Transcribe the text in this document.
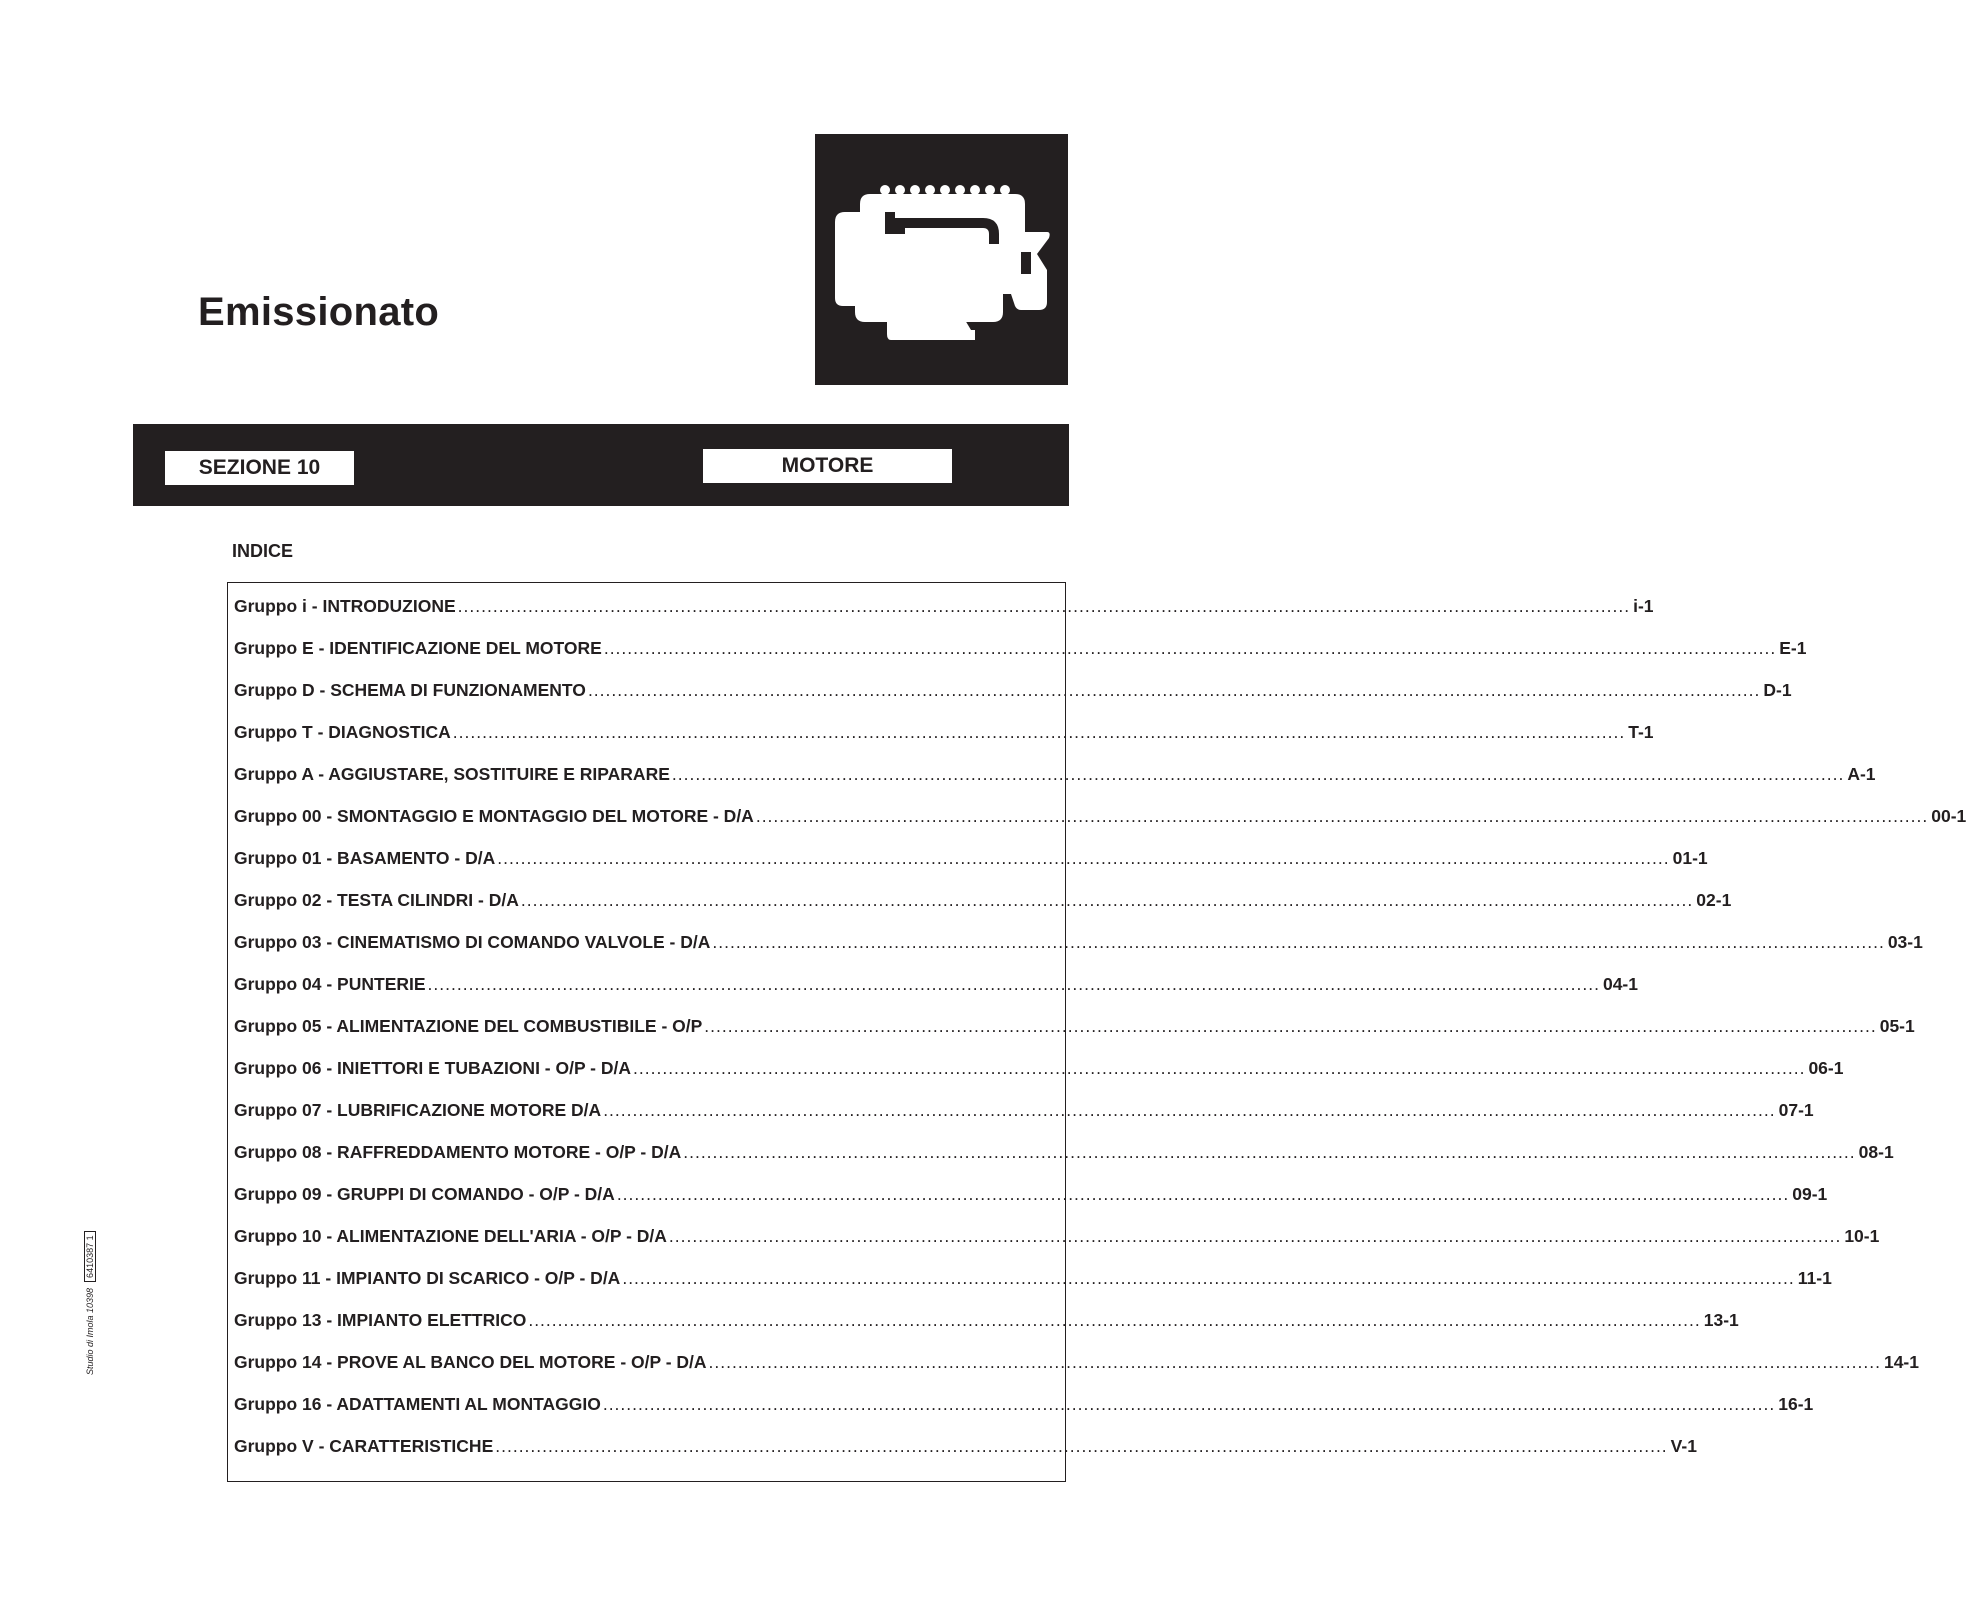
Emissionato
SEZIONE 10	MOTORE
INDICE
Gruppo i - INTRODUZIONE ........................................................................................................................................................................................................ i-1
Gruppo E - IDENTIFICAZIONE DEL MOTORE ........................................................................................................................................................................................................ E-1
Gruppo D - SCHEMA DI FUNZIONAMENTO ........................................................................................................................................................................................................ D-1
Gruppo T - DIAGNOSTICA ........................................................................................................................................................................................................ T-1
Gruppo A - AGGIUSTARE, SOSTITUIRE E RIPARARE ........................................................................................................................................................................................................ A-1
Gruppo 00 - SMONTAGGIO E MONTAGGIO DEL MOTORE - D/A ........................................................................................................................................................................................................ 00-1
Gruppo 01 - BASAMENTO - D/A ........................................................................................................................................................................................................ 01-1
Gruppo 02 - TESTA CILINDRI - D/A ........................................................................................................................................................................................................ 02-1
Gruppo 03 - CINEMATISMO DI COMANDO VALVOLE - D/A ........................................................................................................................................................................................................ 03-1
Gruppo 04 - PUNTERIE ........................................................................................................................................................................................................ 04-1
Gruppo 05 - ALIMENTAZIONE DEL COMBUSTIBILE - O/P ........................................................................................................................................................................................................ 05-1
Gruppo 06 - INIETTORI E TUBAZIONI - O/P - D/A ........................................................................................................................................................................................................ 06-1
Gruppo 07 - LUBRIFICAZIONE MOTORE D/A ........................................................................................................................................................................................................ 07-1
Gruppo 08 - RAFFREDDAMENTO MOTORE - O/P - D/A ........................................................................................................................................................................................................ 08-1
Gruppo 09 - GRUPPI DI COMANDO - O/P - D/A ........................................................................................................................................................................................................ 09-1
Gruppo 10 - ALIMENTAZIONE DELL'ARIA - O/P - D/A ........................................................................................................................................................................................................ 10-1
Gruppo 11 - IMPIANTO DI SCARICO - O/P - D/A ........................................................................................................................................................................................................ 11-1
Gruppo 13 - IMPIANTO ELETTRICO ........................................................................................................................................................................................................ 13-1
Gruppo 14 - PROVE AL BANCO DEL MOTORE - O/P - D/A ........................................................................................................................................................................................................ 14-1
Gruppo 16 - ADATTAMENTI AL MONTAGGIO ........................................................................................................................................................................................................ 16-1
Gruppo V - CARATTERISTICHE ........................................................................................................................................................................................................ V-1
Studio di Imola 10398
6410387 1
